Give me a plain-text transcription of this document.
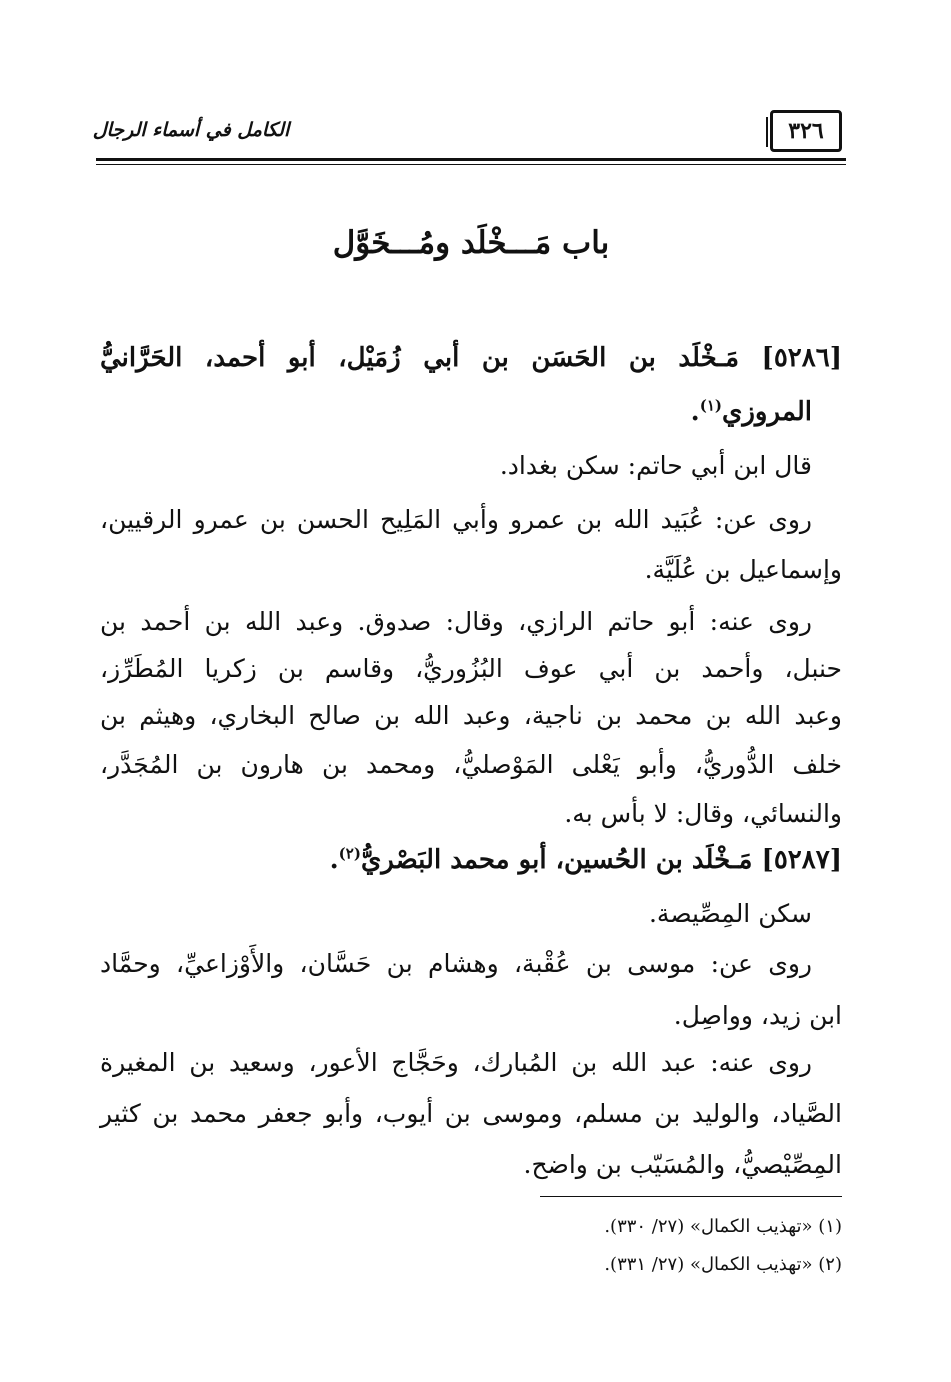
٣٢٦
الكامل في أسماء الرجال
باب مَـــخْلَد ومُـــخَوَّل
[٥٢٨٦] مَـخْلَد بن الحَسَن بن أبي زُمَيْل، أبو أحمد، الحَرَّانيُّ
المروزي$^{(١)}$.
قال ابن أبي حاتم: سكن بغداد.
روى عن: عُبَيد الله بن عمرو وأبي المَلِيح الحسن بن عمرو الرقيين،
وإسماعيل بن عُلَيَّة.
روى عنه: أبو حاتم الرازي، وقال: صدوق. وعبد الله بن أحمد بن
حنبل، وأحمد بن أبي عوف البُزُوريُّ، وقاسم بن زكريا المُطَرِّز،
وعبد الله بن محمد بن ناجية، وعبد الله بن صالح البخاري، وهيثم بن
خلف الدُّوريُّ، وأبو يَعْلى المَوْصليُّ، ومحمد بن هارون بن المُجَدَّر،
والنسائي، وقال: لا بأس به.
[٥٢٨٧] مَـخْلَد بن الحُسين، أبو محمد البَصْريُّ$^{(٢)}$.
سكن المِصِّيصة.
روى عن: موسى بن عُقْبة، وهشام بن حَسَّان، والأَوْزاعيِّ، وحمَّاد
ابن زيد، وواصِل.
روى عنه: عبد الله بن المُبارك، وحَجَّاج الأعور، وسعيد بن المغيرة
الصَّياد، والوليد بن مسلم، وموسى بن أيوب، وأبو جعفر محمد بن كثير
المِصِّيْصيُّ، والمُسَيّب بن واضح.
(١) «تهذيب الكمال» (٢٧/ ٣٣٠).
(٢) «تهذيب الكمال» (٢٧/ ٣٣١).
